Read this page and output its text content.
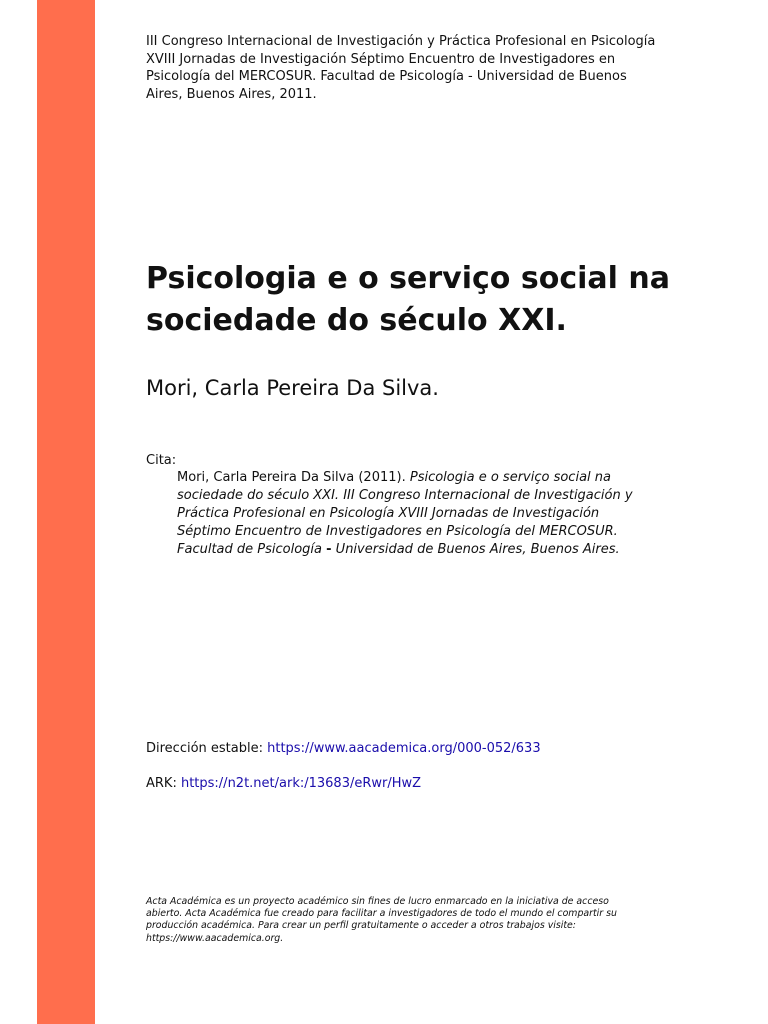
III Congreso Internacional de Investigación y Práctica Profesional en Psicología
XVIII Jornadas de Investigación Séptimo Encuentro de Investigadores en
Psicología del MERCOSUR. Facultad de Psicología - Universidad de Buenos
Aires, Buenos Aires, 2011.

Psicologia e o serviço social na
sociedade do século XXI.

Mori, Carla Pereira Da Silva.

Cita:
Mori, Carla Pereira Da Silva (2011). Psicologia e o serviço social na
sociedade do século XXI. III Congreso Internacional de Investigación y
Práctica Profesional en Psicología XVIII Jornadas de Investigación
Séptimo Encuentro de Investigadores en Psicología del MERCOSUR.
Facultad de Psicología - Universidad de Buenos Aires, Buenos Aires.
Dirección estable: https://www.aacademica.org/000-052/633
ARK: https://n2t.net/ark:/13683/eRwr/HwZ

Acta Académica es un proyecto académico sin fines de lucro enmarcado en la iniciativa de acceso
abierto. Acta Académica fue creado para facilitar a investigadores de todo el mundo el compartir su
producción académica. Para crear un perfil gratuitamente o acceder a otros trabajos visite:
https://www.aacademica.org.
